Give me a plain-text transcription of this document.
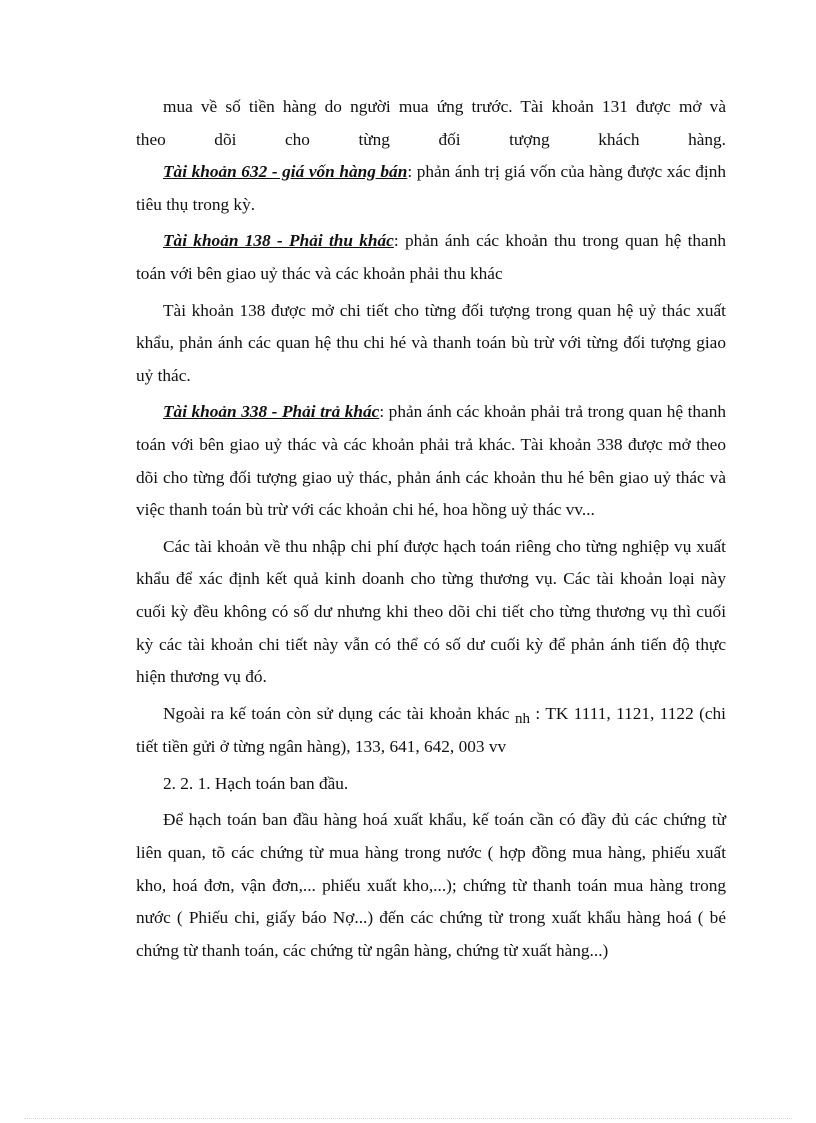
mua về số tiền hàng do người mua ứng trước. Tài khoản 131 được mở và

theo dõi cho từng đối tượng khách hàng.

Tài khoản 632 - giá vốn hàng bán: phản ánh trị giá vốn của hàng được xác định tiêu thụ trong kỳ.

Tài khoản 138 - Phải thu khác: phản ánh các khoản thu trong quan hệ thanh toán với bên giao uỷ thác và các khoản phải thu khác

Tài khoản 138 được mở chi tiết cho từng đối tượng trong quan hệ uỷ thác xuất khẩu, phản ánh các quan hệ thu chi hé và thanh toán bù trừ với từng đối tượng giao uỷ thác.

Tài khoản 338 - Phải trả khác: phản ánh các khoản phải trả trong quan hệ thanh toán với bên giao uỷ thác và các khoản phải trả khác. Tài khoản 338 được mở theo dõi cho từng đối tượng giao uỷ thác, phản ánh các khoản thu hé bên giao uỷ thác và việc thanh toán bù trừ với các khoản chi hé, hoa hồng uỷ thác vv...

Các tài khoản về thu nhập chi phí được hạch toán riêng cho từng nghiệp vụ xuất khẩu để xác định kết quả kinh doanh cho từng thương vụ. Các tài khoản loại này cuối kỳ đều không có số dư nhưng khi theo dõi chi tiết cho từng thương vụ thì cuối kỳ các tài khoản chi tiết này vẫn có thể có số dư cuối kỳ để phản ánh tiến độ thực hiện thương vụ đó.

Ngoài ra kế toán còn sử dụng các tài khoản khác nh : TK 1111, 1121, 1122 (chi tiết tiền gửi ở từng ngân hàng), 133, 641, 642, 003 vv

2. 2. 1. Hạch toán ban đầu.

Để hạch toán ban đầu hàng hoá xuất khẩu, kế toán cần có đầy đủ các chứng từ liên quan, tõ các chứng từ mua hàng trong nước ( hợp đồng mua hàng, phiếu xuất kho, hoá đơn, vận đơn,... phiếu xuất kho,...); chứng từ thanh toán mua hàng trong nước ( Phiếu chi, giấy báo Nợ...) đến các chứng từ trong xuất khẩu hàng hoá ( bé chứng từ thanh toán, các chứng từ ngân hàng, chứng từ xuất hàng...)
